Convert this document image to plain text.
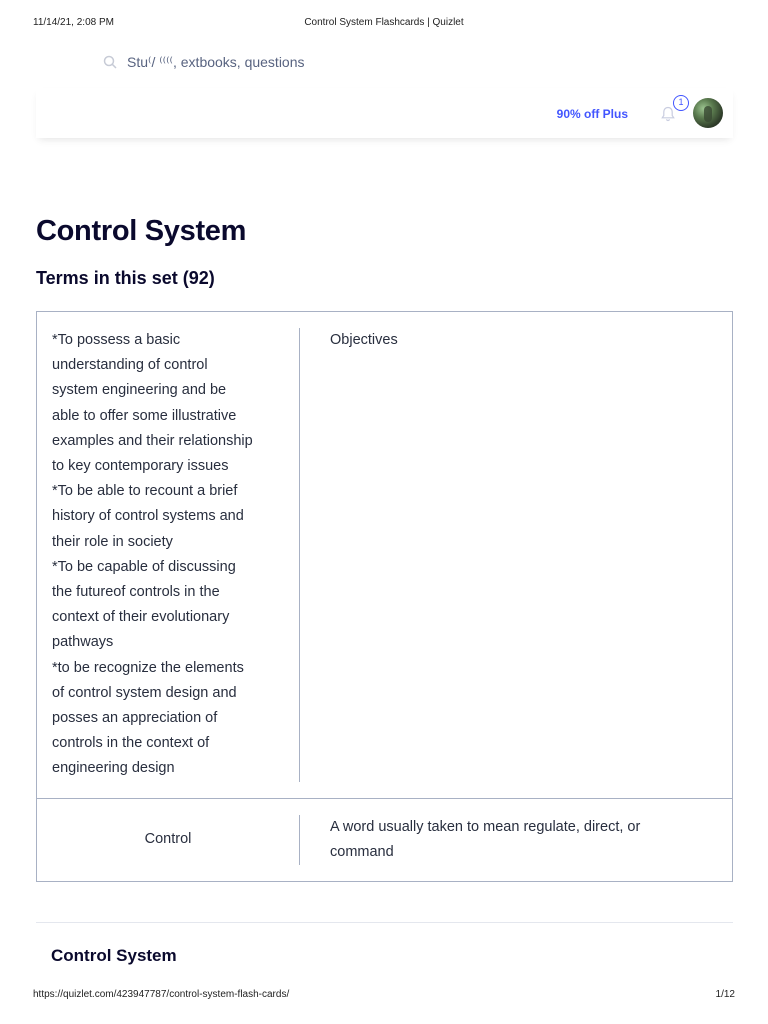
11/14/21, 2:08 PM	Control System Flashcards | Quizlet
Stu⁽/ ⁽⁽⁽⁽, extbooks, questions
90% off Plus
1
Control System
Terms in this set (92)
*To possess a basic
understanding of control
system engineering and be
able to offer some illustrative
examples and their relationship
to key contemporary issues
*To be able to recount a brief
history of control systems and
their role in society
*To be capable of discussing
the futureof controls in the
context of their evolutionary
pathways
*to be recognize the elements
of control system design and
posses an appreciation of
controls in the context of
engineering design
Objectives
Control
A word usually taken to mean regulate, direct, or
command
Control System
https://quizlet.com/423947787/control-system-flash-cards/	1/12
